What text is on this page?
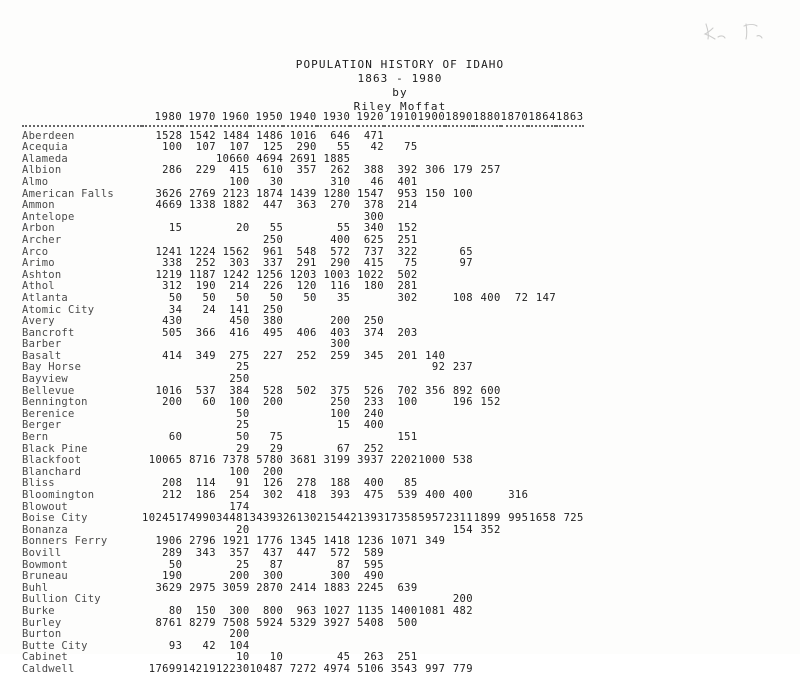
POPULATION HISTORY OF IDAHO
1863 - 1980
by
Riley Moffat
	1980	1970	1960	1950	1940	1930	1920	1910	1900	1890	1880	1870	1864	1863

Aberdeen	1528	1542	1484	1486	1016	646	471							
Acequia	100	107	107	125	290	55	42	75						
Alameda			10660	4694	2691	1885								
Albion	286	229	415	610	357	262	388	392	306	179	257			
Almo			100	30		310	46	401						
American Falls	3626	2769	2123	1874	1439	1280	1547	953	150	100				
Ammon	4669	1338	1882	447	363	270	378	214						
Antelope							300							
Arbon	15		20	55		55	340	152						
Archer				250		400	625	251						
Arco	1241	1224	1562	961	548	572	737	322		65				
Arimo	338	252	303	337	291	290	415	75		97				
Ashton	1219	1187	1242	1256	1203	1003	1022	502						
Athol	312	190	214	226	120	116	180	281						
Atlanta	50	50	50	50	50	35		302		108	400	72	147	
Atomic City	34	24	141	250										
Avery	430		450	380		200	250							
Bancroft	505	366	416	495	406	403	374	203						
Barber						300								
Basalt	414	349	275	227	252	259	345	201	140					
Bay Horse			25						92	237				
Bayview			250											
Bellevue	1016	537	384	528	502	375	526	702	356	892	600			
Bennington	200	60	100	200		250	233	100		196	152			
Berenice			50			100	240							
Berger			25			15	400							
Bern	60		50	75				151						
Black Pine			29	29		67	252							
Blackfoot	10065	8716	7378	5780	3681	3199	3937	2202	1000	538				
Blanchard			100	200										
Bliss	208	114	91	126	278	188	400	85						
Bloomington	212	186	254	302	418	393	475	539	400	400		316		
Blowout			174											
Boise City	102451	74990	34481	34393	26130	21544	21393	17358	5957	2311	1899	995	1658	725
Bonanza			20							154	352			
Bonners Ferry	1906	2796	1921	1776	1345	1418	1236	1071	349					
Bovill	289	343	357	437	447	572	589							
Bowmont	50		25	87		87	595							
Bruneau	190		200	300		300	490							
Buhl	3629	2975	3059	2870	2414	1883	2245	639						
Bullion City										200				
Burke	80	150	300	800	963	1027	1135	1400	1081	482				
Burley	8761	8279	7508	5924	5329	3927	5408	500						
Burton			200											
Butte City	93	42	104											
Cabinet			10	10		45	263	251						
Caldwell	17699	14219	12230	10487	7272	4974	5106	3543	997	779				
